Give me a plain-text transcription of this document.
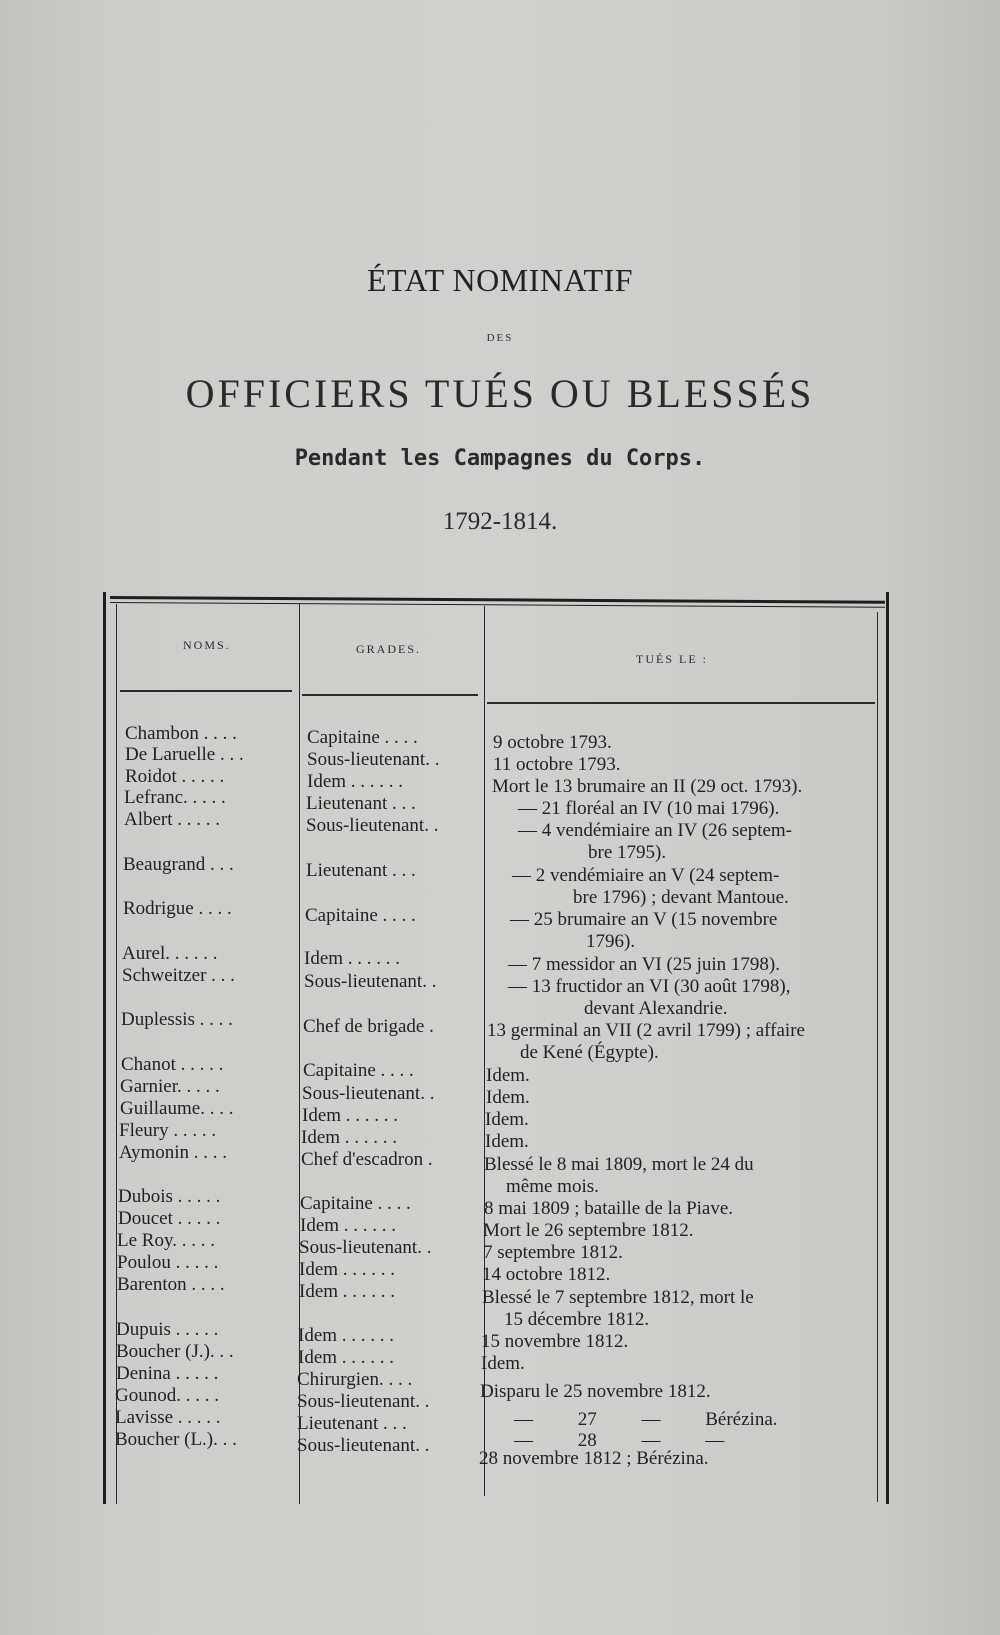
ÉTAT NOMINATIF
DES
OFFICIERS TUÉS OU BLESSÉS
Pendant les Campagnes du Corps.
1792-1814.
NOMS.	GRADES.
TUÉS LE :
Chambon . . . .
De Laruelle . . .
Roidot . . . . .
Lefranc. . . . .
Albert . . . . .
Beaugrand . . .
Rodrigue . . . .
Aurel. . . . . .
Schweitzer . . .
Duplessis . . . .
Chanot . . . . .
Garnier. . . . .
Guillaume. . . .
Fleury . . . . .
Aymonin . . . .
Dubois . . . . .
Doucet . . . . .
Le Roy. . . . .
Poulou . . . . .
Barenton . . . .
Dupuis . . . . .
Boucher (J.). . .
Denina . . . . .
Gounod. . . . .
Lavisse . . . . .
Boucher (L.). . .
Capitaine . . . .
Sous-lieutenant. .
Idem . . . . . .
Lieutenant . . .
Sous-lieutenant. .
Lieutenant . . .
Capitaine . . . .
Idem . . . . . .
Sous-lieutenant. .
Chef de brigade .
Capitaine . . . .
Sous-lieutenant. .
Idem . . . . . .
Idem . . . . . .
Chef d'escadron .
Capitaine . . . .
Idem . . . . . .
Sous-lieutenant. .
Idem . . . . . .
Idem . . . . . .
Idem . . . . . .
Idem . . . . . .
Chirurgien. . . .
Sous-lieutenant. .
Lieutenant . . .
Sous-lieutenant. .
9 octobre 1793.
11 octobre 1793.
Mort le 13 brumaire an II (29 oct. 1793).
— 21 floréal an IV (10 mai 1796).
— 4 vendémiaire an IV (26 septem-
bre 1795).
— 2 vendémiaire an V (24 septem-
bre 1796) ; devant Mantoue.
— 25 brumaire an V (15 novembre
1796).
— 7 messidor an VI (25 juin 1798).
— 13 fructidor an VI (30 août 1798),
devant Alexandrie.
13 germinal an VII (2 avril 1799) ; affaire
de Kené (Égypte).
Idem.
Idem.
Idem.
Idem.
Blessé le 8 mai 1809, mort le 24 du
même mois.
8 mai 1809 ; bataille de la Piave.
Mort le 26 septembre 1812.
7 septembre 1812.
14 octobre 1812.
Blessé le 7 septembre 1812, mort le
15 décembre 1812.
15 novembre 1812.
Idem.
Disparu le 25 novembre 1812.
— 27 — Bérézina.
— 28 — —
28 novembre 1812 ; Bérézina.
